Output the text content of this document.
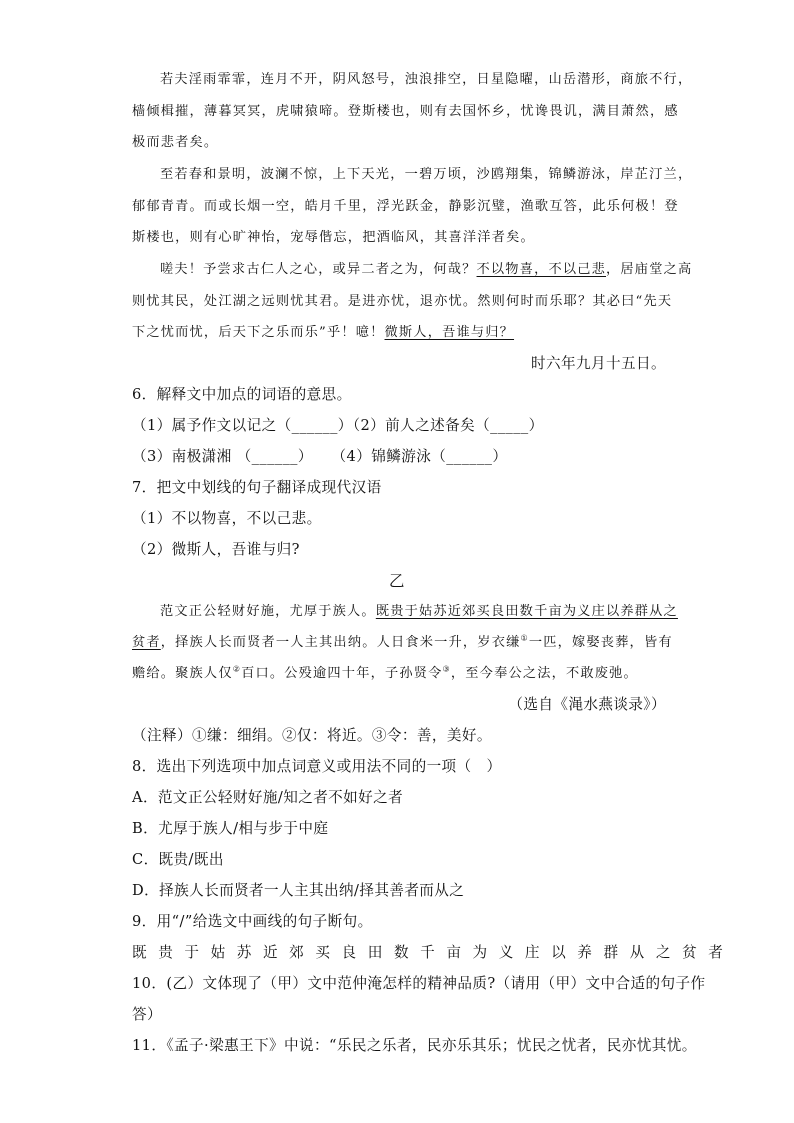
若夫淫雨霏霏，连月不开，阴风怒号，浊浪排空，日星隐曜，山岳潜形，商旅不行，
樯倾楫摧，薄暮冥冥，虎啸猿啼。登斯楼也，则有去国怀乡，忧谗畏讥，满目萧然，感
极而悲者矣。
至若春和景明，波澜不惊，上下天光，一碧万顷，沙鸥翔集，锦鳞游泳，岸芷汀兰，
郁郁青青。而或长烟一空，皓月千里，浮光跃金，静影沉璧，渔歌互答，此乐何极！登
斯楼也，则有心旷神怡，宠辱偕忘，把酒临风，其喜洋洋者矣。
嗟夫！予尝求古仁人之心，或异二者之为，何哉？不以物喜，不以己悲，居庙堂之高
则忧其民，处江湖之远则忧其君。是进亦忧，退亦忧。然则何时而乐耶？其必曰“先天
下之忧而忧，后天下之乐而乐”乎！噫！微斯人，吾谁与归？
时六年九月十五日。
6．解释文中加点的词语的意思。
（1）属予作文以记之（______）（2）前人之述备矣（_____）
（3）南极潇湘 （______） （4）锦鳞游泳（______）
7．把文中划线的句子翻译成现代汉语
（1）不以物喜，不以己悲。
（2）微斯人，吾谁与归?
乙
范文正公轻财好施，尤厚于族人。既贵于姑苏近郊买良田数千亩为义庄以养群从之
贫者，择族人长而贤者一人主其出纳。人日食米一升，岁衣缣①一匹，嫁娶丧葬，皆有
赡给。聚族人仅②百口。公殁逾四十年，子孙贤令③，至今奉公之法，不敢废弛。
（选自《渑水燕谈录》）
（注释）①缣：细绢。②仅：将近。③令：善，美好。
8．选出下列选项中加点词意义或用法不同的一项（　）
A．范文正公轻财好施/知之者不如好之者
B．尤厚于族人/相与步于中庭
C．既贵/既出
D．择族人长而贤者一人主其出纳/择其善者而从之
9．用“/”给选文中画线的句子断句。
既贵于姑苏近郊买良田数千亩为义庄以养群从之贫者
10．(乙）文体现了（甲）文中范仲淹怎样的精神品质?（请用（甲）文中合适的句子作
答）
11．《孟子·梁惠王下》中说：“乐民之乐者，民亦乐其乐；忧民之忧者，民亦忧其忧。
